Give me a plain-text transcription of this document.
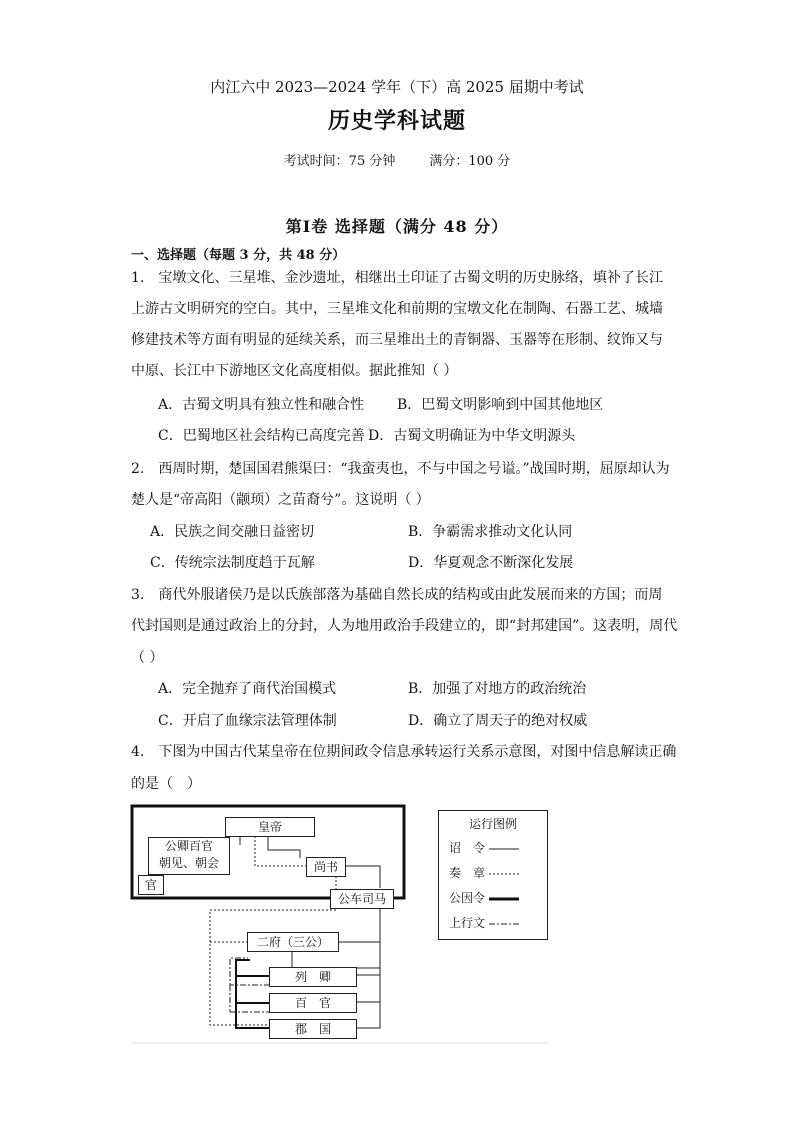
内江六中 2023—2024 学年（下）高 2025 届期中考试
历史学科试题
考试时间：75 分钟	满分：100 分
第Ⅰ卷 选择题（满分 48 分）
一、选择题（每题 3 分，共 48 分）
1.　宝墩文化、三星堆、金沙遗址，相继出土印证了古蜀文明的历史脉络，填补了长江上游古文明研究的空白。其中，三星堆文化和前期的宝墩文化在制陶、石器工艺、城墙修建技术等方面有明显的延续关系，而三星堆出土的青铜器、玉器等在形制、纹饰又与中原、长江中下游地区文化高度相似。据此推知（ ）
A．古蜀文明具有独立性和融合性 B．巴蜀文明影响到中国其他地区
C．巴蜀地区社会结构已高度完善 D．古蜀文明确证为中华文明源头
2.　西周时期，楚国国君熊渠曰：“我蛮夷也，不与中国之号谥。”战国时期，屈原却认为
楚人是“帝高阳（颛顼）之苗裔兮”。这说明（ ）
A．民族之间交融日益密切	B．争霸需求推动文化认同
C．传统宗法制度趋于瓦解	D．华夏观念不断深化发展
3.　商代外服诸侯乃是以氏族部落为基础自然长成的结构或由此发展而来的方国；而周
代封国则是通过政治上的分封，人为地用政治手段建立的，即“封邦建国”。这表明，周代
（ ）
A．完全抛弃了商代治国模式	B．加强了对地方的政治统治
C．开启了血缘宗法管理体制	D．确立了周天子的绝对权威
4.　下图为中国古代某皇帝在位期间政令信息承转运行关系示意图，对图中信息解读正确
的是（　）
皇帝
公卿百官
朝见、朝会
官
尚书
公车司马
二府（三公）
列　卿
百　官
郡　国
运行图例
诏　令
奏　章
公因令
上行文
